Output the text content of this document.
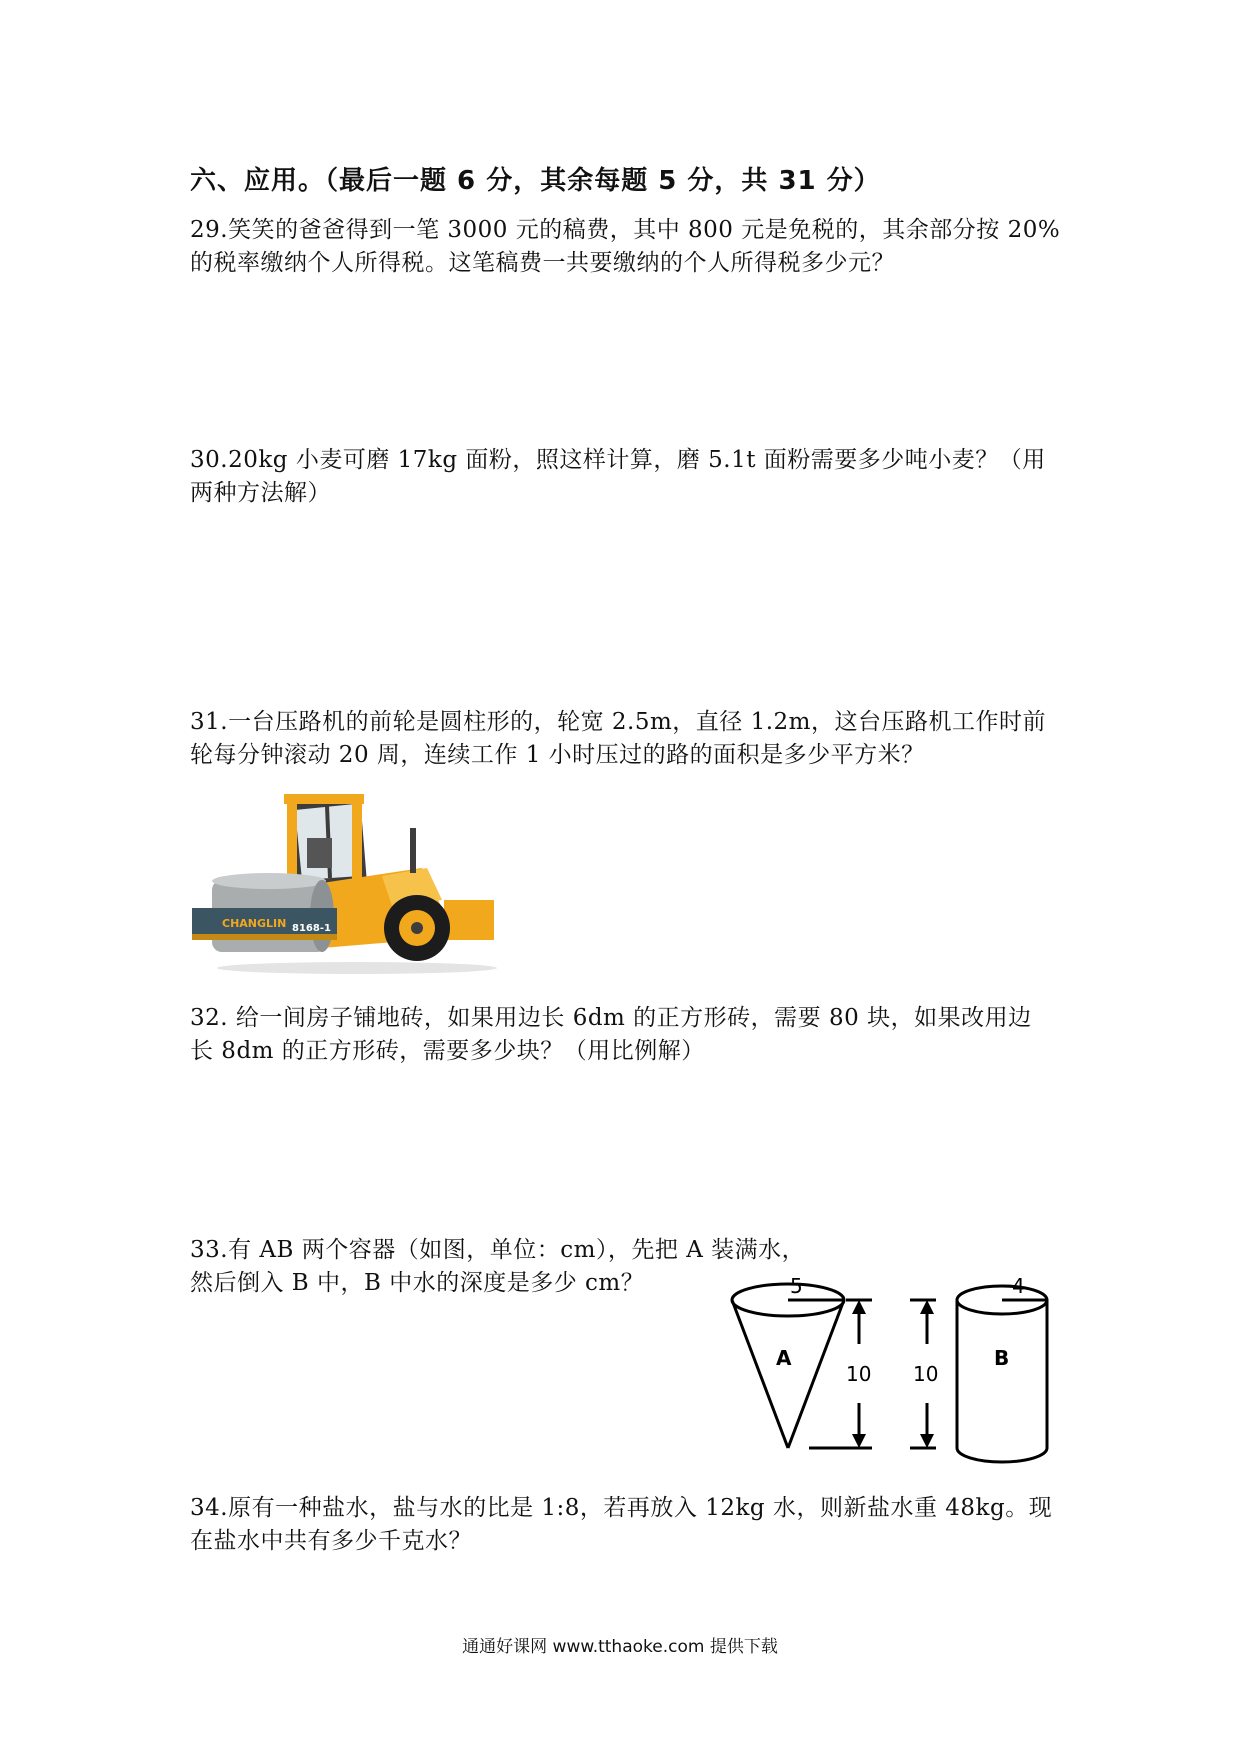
六、应用。（最后一题 6 分，其余每题 5 分，共 31 分）
29.笑笑的爸爸得到一笔 3000 元的稿费，其中 800 元是免税的，其余部分按 20%
的税率缴纳个人所得税。这笔稿费一共要缴纳的个人所得税多少元？
30.20kg 小麦可磨 17kg 面粉，照这样计算，磨 5.1t 面粉需要多少吨小麦？（用
两种方法解）
31.一台压路机的前轮是圆柱形的，轮宽 2.5m，直径 1.2m，这台压路机工作时前
轮每分钟滚动 20 周，连续工作 1 小时压过的路的面积是多少平方米？
CHANGLIN 8168-1
32. 给一间房子铺地砖，如果用边长 6dm 的正方形砖，需要 80 块，如果改用边
长 8dm 的正方形砖，需要多少块？（用比例解）
33.有 AB 两个容器（如图，单位：cm），先把 A 装满水，
然后倒入 B 中，B 中水的深度是多少 cm？	5
A
10 10
4
B
34.原有一种盐水，盐与水的比是 1:8，若再放入 12kg 水，则新盐水重 48kg。现
在盐水中共有多少千克水？
通通好课网 www.tthaoke.com 提供下载
